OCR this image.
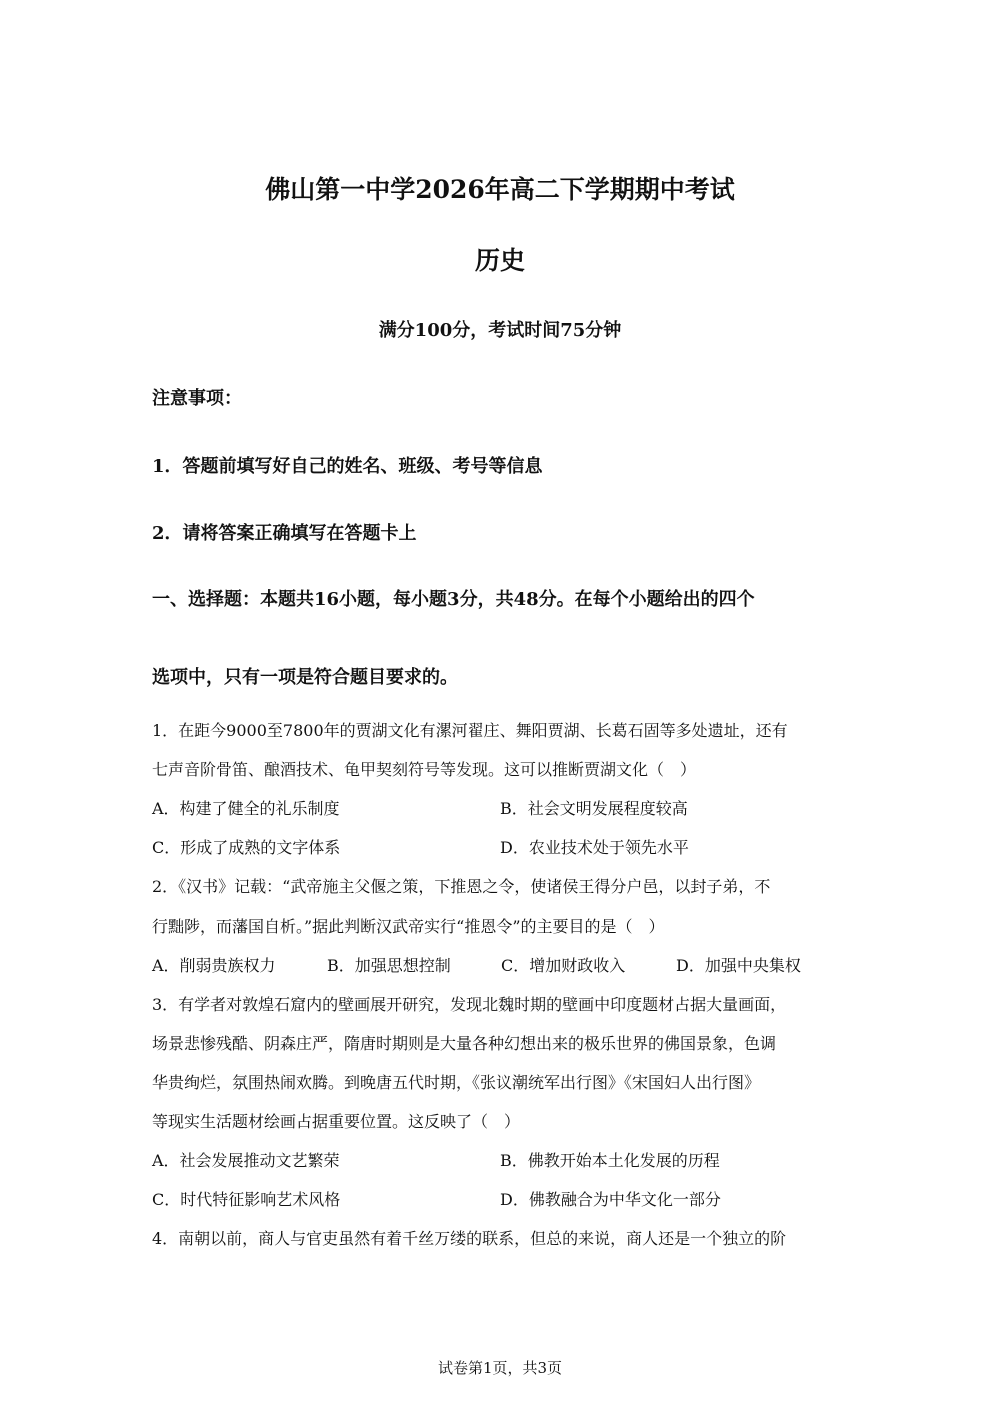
佛山第一中学2026年高二下学期期中考试
历史
满分100分，考试时间75分钟
注意事项：
1．答题前填写好自己的姓名、班级、考号等信息
2．请将答案正确填写在答题卡上
一、选择题：本题共16小题，每小题3分，共48分。在每个小题给出的四个
选项中，只有一项是符合题目要求的。
1．在距今9000至7800年的贾湖文化有漯河翟庄、舞阳贾湖、长葛石固等多处遗址，还有
七声音阶骨笛、酿酒技术、龟甲契刻符号等发现。这可以推断贾湖文化（　）
A．构建了健全的礼乐制度	B．社会文明发展程度较高
C．形成了成熟的文字体系	D．农业技术处于领先水平
2．《汉书》记载：“武帝施主父偃之策，下推恩之令，使诸侯王得分户邑，以封子弟，不
行黜陟，而藩国自析。”据此判断汉武帝实行“推恩令”的主要目的是（　）
A．削弱贵族权力	B．加强思想控制	C．增加财政收入	D．加强中央集权
3．有学者对敦煌石窟内的壁画展开研究，发现北魏时期的壁画中印度题材占据大量画面，
场景悲惨残酷、阴森庄严，隋唐时期则是大量各种幻想出来的极乐世界的佛国景象，色调
华贵绚烂，氛围热闹欢腾。到晚唐五代时期，《张议潮统军出行图》《宋国妇人出行图》
等现实生活题材绘画占据重要位置。这反映了（　）
A．社会发展推动文艺繁荣	B．佛教开始本土化发展的历程
C．时代特征影响艺术风格	D．佛教融合为中华文化一部分
4．南朝以前，商人与官吏虽然有着千丝万缕的联系，但总的来说，商人还是一个独立的阶
试卷第1页，共3页
